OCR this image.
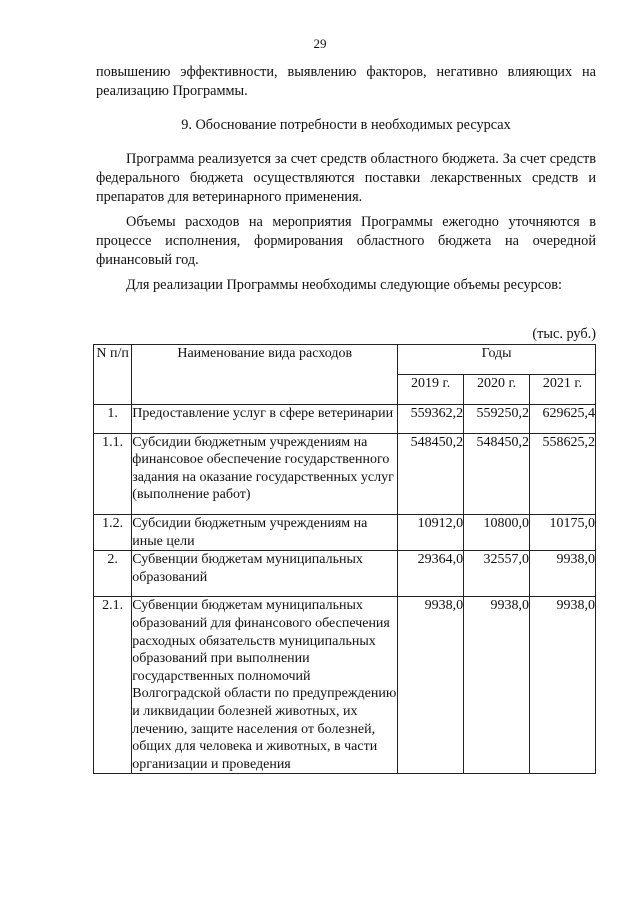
29
повышению эффективности, выявлению факторов, негативно влияющих на реализацию Программы.
9. Обоснование потребности в необходимых ресурсах
Программа реализуется за счет средств областного бюджета. За счет средств федерального бюджета осуществляются поставки лекарственных средств и препаратов для ветеринарного применения.
Объемы расходов на мероприятия Программы ежегодно уточняются в процессе исполнения, формирования областного бюджета на очередной финансовый год.
Для реализации Программы необходимы следующие объемы ресурсов:
(тыс. руб.)
N п/п	Наименование вида расходов	Годы		
		2019 г.	2020 г.	2021 г.
1.	Предоставление услуг в сфере ветеринарии	559362,2	559250,2	629625,4

1.1.	Субсидии бюджетным учреждениям на финансовое обеспечение государственного задания на оказание государственных услуг (выполнение работ)	548450,2	548450,2	558625,2

1.2.	Субсидии бюджетным учреждениям на иные цели	10912,0	10800,0	10175,0
2.	Субвенции бюджетам муниципальных образований	29364,0	32557,0	9938,0

2.1.	Субвенции бюджетам муниципальных образований для финансового обеспечения расходных обязательств муниципальных образований при выполнении государственных полномочий Волгоградской области по предупреждению и ликвидации болезней животных, их лечению, защите населения от болезней, общих для человека и животных, в части организации и проведения	9938,0	9938,0	9938,0
